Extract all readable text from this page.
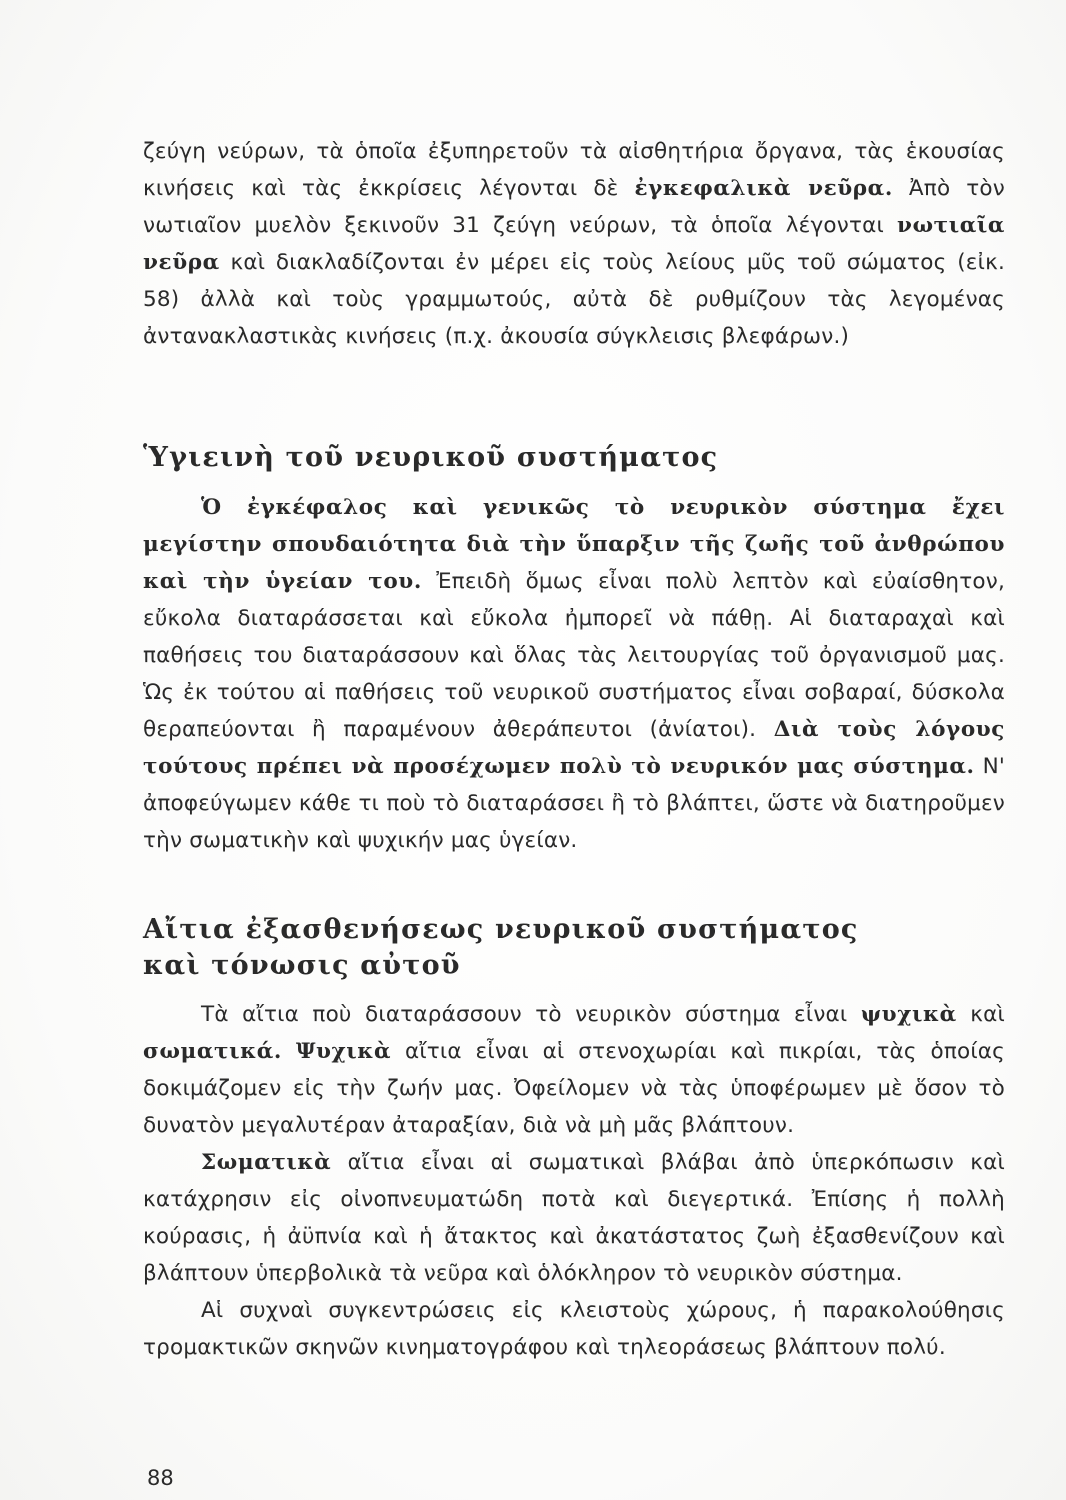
ζεύγη νεύρων, τὰ ὁποῖα ἐξυπηρετοῦν τὰ αἰσθητήρια ὄργανα, τὰς ἑκουσίας κινήσεις καὶ τὰς ἐκκρίσεις λέγονται δὲ ἐγκεφαλικὰ νεῦρα. Ἀπὸ τὸν νωτιαῖον μυελὸν ξεκινοῦν 31 ζεύγη νεύρων, τὰ ὁποῖα λέγονται νωτιαῖα νεῦρα καὶ διακλαδίζονται ἐν μέρει εἰς τοὺς λείους μῦς τοῦ σώματος (εἰκ. 58) ἀλλὰ καὶ τοὺς γραμμωτούς, αὐτὰ δὲ ρυθμίζουν τὰς λεγομένας ἀντανακλαστικὰς κινήσεις (π.χ. ἀκουσία σύγκλεισις βλεφάρων.)

Ὑγιεινὴ τοῦ νευρικοῦ συστήματος

Ὁ ἐγκέφαλος καὶ γενικῶς τὸ νευρικὸν σύστημα ἔχει μεγίστην σπουδαιότητα διὰ τὴν ὕπαρξιν τῆς ζωῆς τοῦ ἀνθρώπου καὶ τὴν ὑγείαν του. Ἐπειδὴ ὅμως εἶναι πολὺ λεπτὸν καὶ εὐαίσθητον, εὔκολα διαταράσσεται καὶ εὔκολα ἠμπορεῖ νὰ πάθῃ. Αἱ διαταραχαὶ καὶ παθήσεις του διαταράσσουν καὶ ὅλας τὰς λειτουργίας τοῦ ὀργανισμοῦ μας. Ὡς ἐκ τούτου αἱ παθήσεις τοῦ νευρικοῦ συστήματος εἶναι σοβαραί, δύσκολα θεραπεύονται ἢ παραμένουν ἀθεράπευτοι (ἀνίατοι). Διὰ τοὺς λόγους τούτους πρέπει νὰ προσέχωμεν πολὺ τὸ νευρικόν μας σύστημα. Ν' ἀποφεύγωμεν κάθε τι ποὺ τὸ διαταράσσει ἢ τὸ βλάπτει, ὥστε νὰ διατηροῦμεν τὴν σωματικὴν καὶ ψυχικήν μας ὑγείαν.

Αἴτια ἐξασθενήσεως νευρικοῦ συστήματος
καὶ τόνωσις αὐτοῦ

Τὰ αἴτια ποὺ διαταράσσουν τὸ νευρικὸν σύστημα εἶναι ψυχικὰ καὶ σωματικά. Ψυχικὰ αἴτια εἶναι αἱ στενοχωρίαι καὶ πικρίαι, τὰς ὁποίας δοκιμάζομεν εἰς τὴν ζωήν μας. Ὀφείλομεν νὰ τὰς ὑποφέρωμεν μὲ ὅσον τὸ δυνατὸν μεγαλυτέραν ἀταραξίαν, διὰ νὰ μὴ μᾶς βλάπτουν.

Σωματικὰ αἴτια εἶναι αἱ σωματικαὶ βλάβαι ἀπὸ ὑπερκόπωσιν καὶ κατάχρησιν εἰς οἰνοπνευματώδη ποτὰ καὶ διεγερτικά. Ἐπίσης ἡ πολλὴ κούρασις, ἡ ἀϋπνία καὶ ἡ ἄτακτος καὶ ἀκατάστατος ζωὴ ἐξασθενίζουν καὶ βλάπτουν ὑπερβολικὰ τὰ νεῦρα καὶ ὁλόκληρον τὸ νευρικὸν σύστημα.

Αἱ συχναὶ συγκεντρώσεις εἰς κλειστοὺς χώρους, ἡ παρακολούθησις τρομακτικῶν σκηνῶν κινηματογράφου καὶ τηλεοράσεως βλάπτουν πολύ.

88
